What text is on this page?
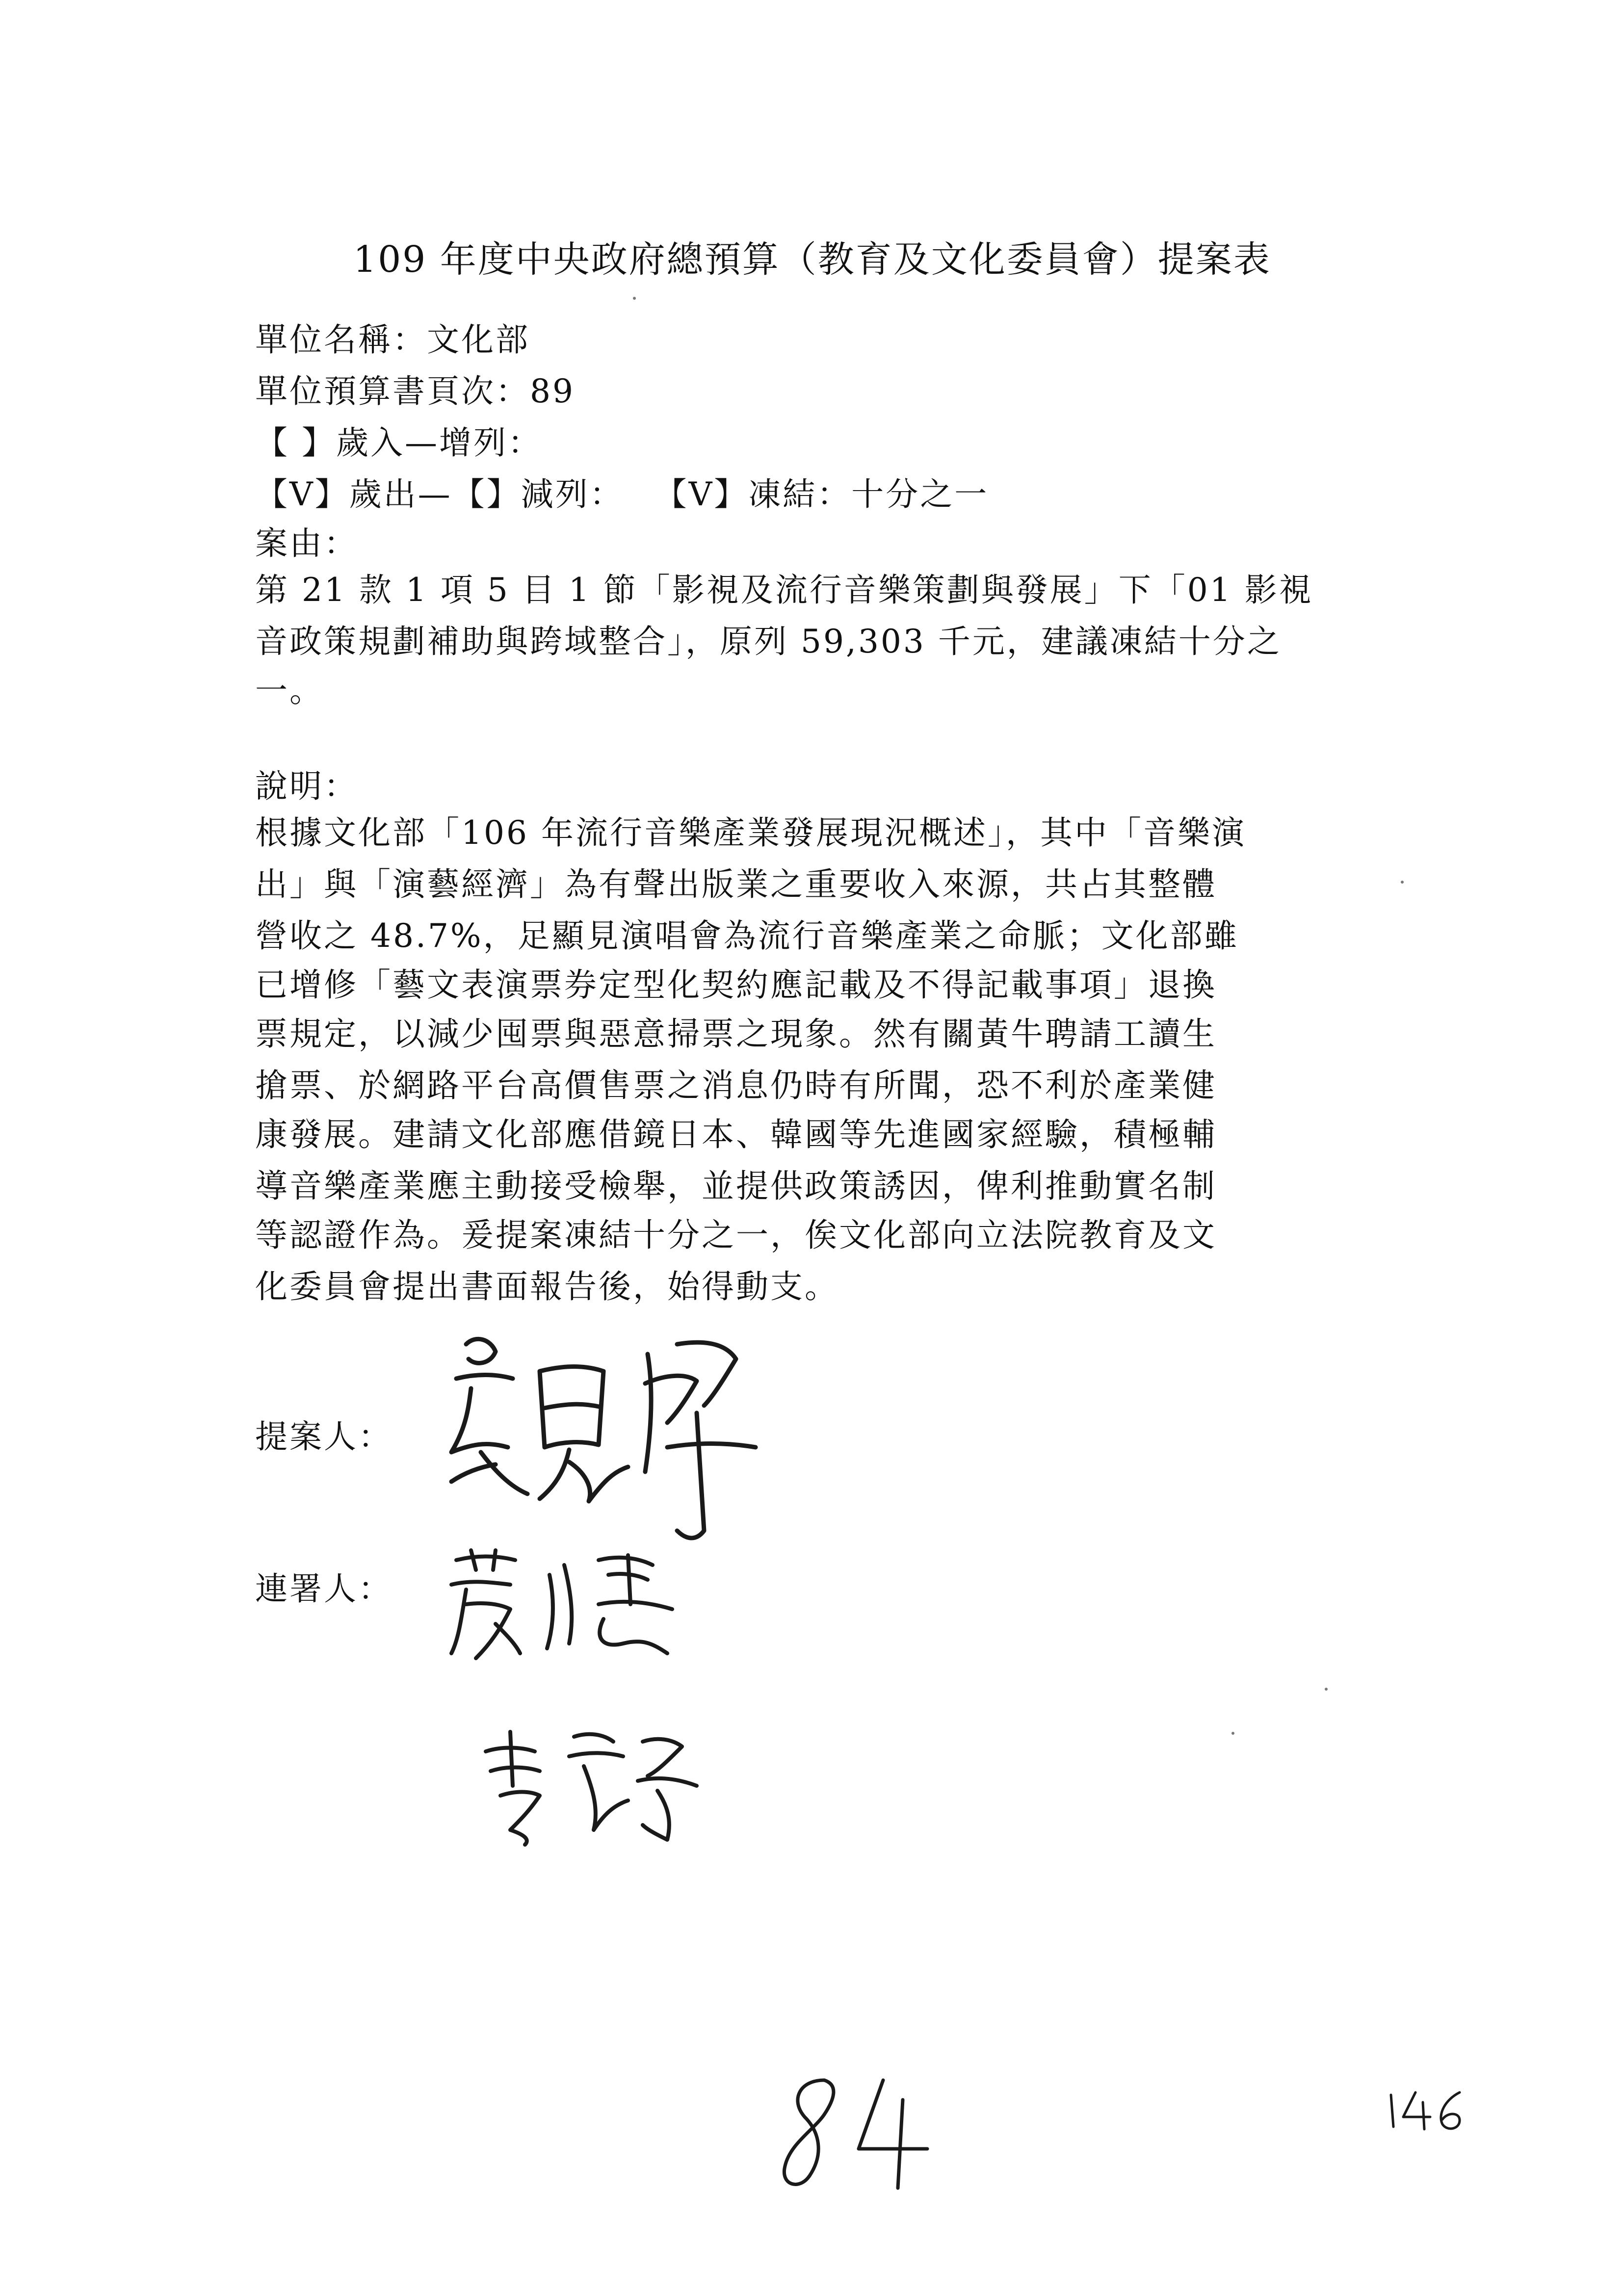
109 年度中央政府總預算（教育及文化委員會）提案表
單位名稱：文化部
單位預算書頁次：89
【 】歲入—增列：
【V】歲出—【】減列：　 【V】凍結：十分之一
案由：
第 21 款 1 項 5 目 1 節「影視及流行音樂策劃與發展」下「01 影視
音政策規劃補助與跨域整合」，原列 59,303 千元，建議凍結十分之
一。
說明：
根據文化部「106 年流行音樂產業發展現況概述」，其中「音樂演
出」與「演藝經濟」為有聲出版業之重要收入來源，共占其整體
營收之 48.7%，足顯見演唱會為流行音樂產業之命脈；文化部雖
已增修「藝文表演票券定型化契約應記載及不得記載事項」退換
票規定，以減少囤票與惡意掃票之現象。然有關黃牛聘請工讀生
搶票、於網路平台高價售票之消息仍時有所聞，恐不利於產業健
康發展。建請文化部應借鏡日本、韓國等先進國家經驗，積極輔
導音樂產業應主動接受檢舉，並提供政策誘因，俾利推動實名制
等認證作為。爰提案凍結十分之一，俟文化部向立法院教育及文
化委員會提出書面報告後，始得動支。
提案人：
連署人：
